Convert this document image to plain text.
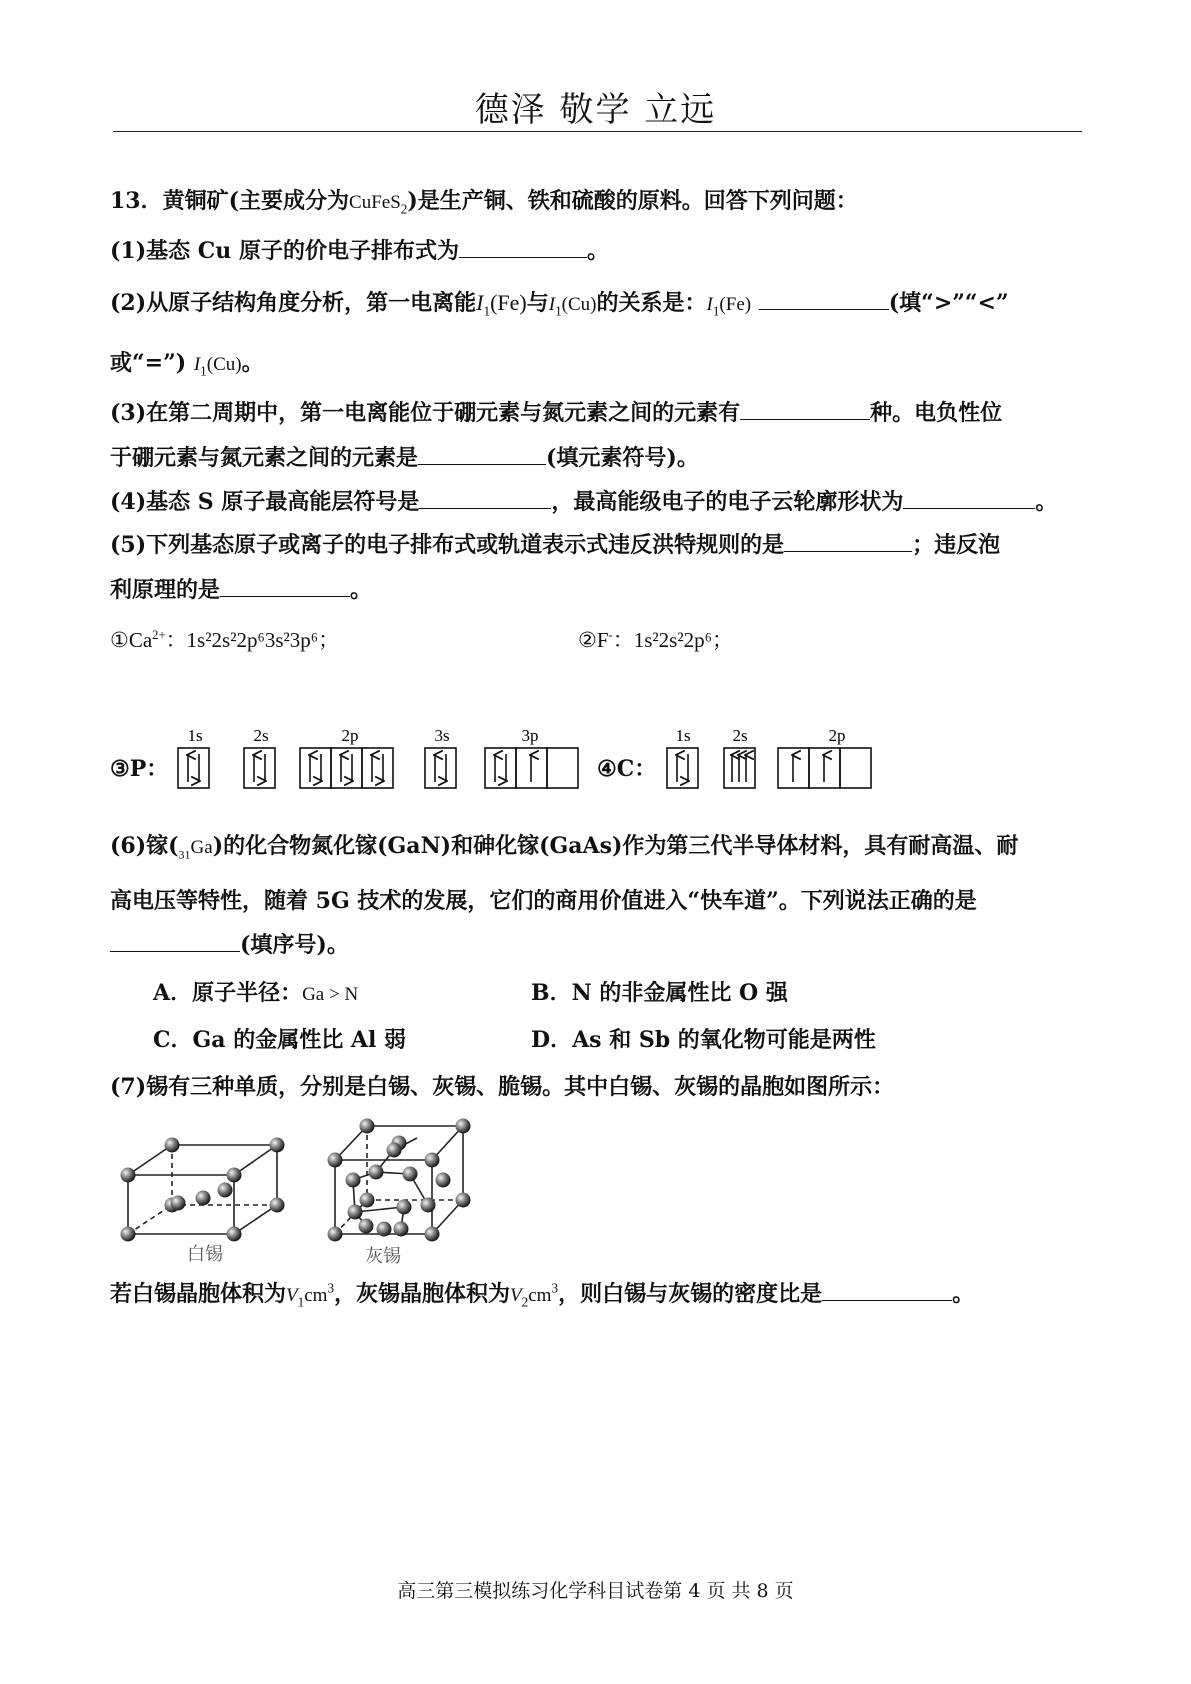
德泽 敬学 立远
13．黄铜矿(主要成分为CuFeS$_2$)是生产铜、铁和硫酸的原料。回答下列问题：
(1)基态 Cu 原子的价电子排布式为	。
(2)从原子结构角度分析，第一电离能$I_1(Fe)$与$I_1(Cu)$的关系是：$I_1(Fe)$	(填“>”“<”
或“=”) $I_1(Cu)$。
(3)在第二周期中，第一电离能位于硼元素与氮元素之间的元素有	种。电负性位
于硼元素与氮元素之间的元素是	(填元素符号)。
(4)基态 S 原子最高能层符号是	，最高能级电子的电子云轮廓形状为	。
(5)下列基态原子或离子的电子排布式或轨道表示式违反洪特规则的是	；违反泡
利原理的是	。
$①Ca^{2+}$：1s²2s²2p⁶3s²3p⁶；	②F-：1s²2s²2p⁶；
1s	2s	2p	3s	3p	1s 2s	2p
③P：	④C：
(6)镓$(_{31}Ga)$的化合物氮化镓(GaN)和砷化镓(GaAs)作为第三代半导体材料，具有耐高温、耐
高电压等特性，随着 5G 技术的发展，它们的商用价值进入“快车道”。下列说法正确的是
(填序号)。
A．原子半径：Ga > N	B．N 的非金属性比 O 强
C．Ga 的金属性比 Al 弱	D．As 和 Sb 的氧化物可能是两性
(7)锡有三种单质，分别是白锡、灰锡、脆锡。其中白锡、灰锡的晶胞如图所示：
白锡	灰锡
若白锡晶胞体积为$V_1cm^3$，灰锡晶胞体积为$V_2cm^3$，则白锡与灰锡的密度比是	。
高三第三模拟练习化学科目试卷第 4 页 共 8 页
